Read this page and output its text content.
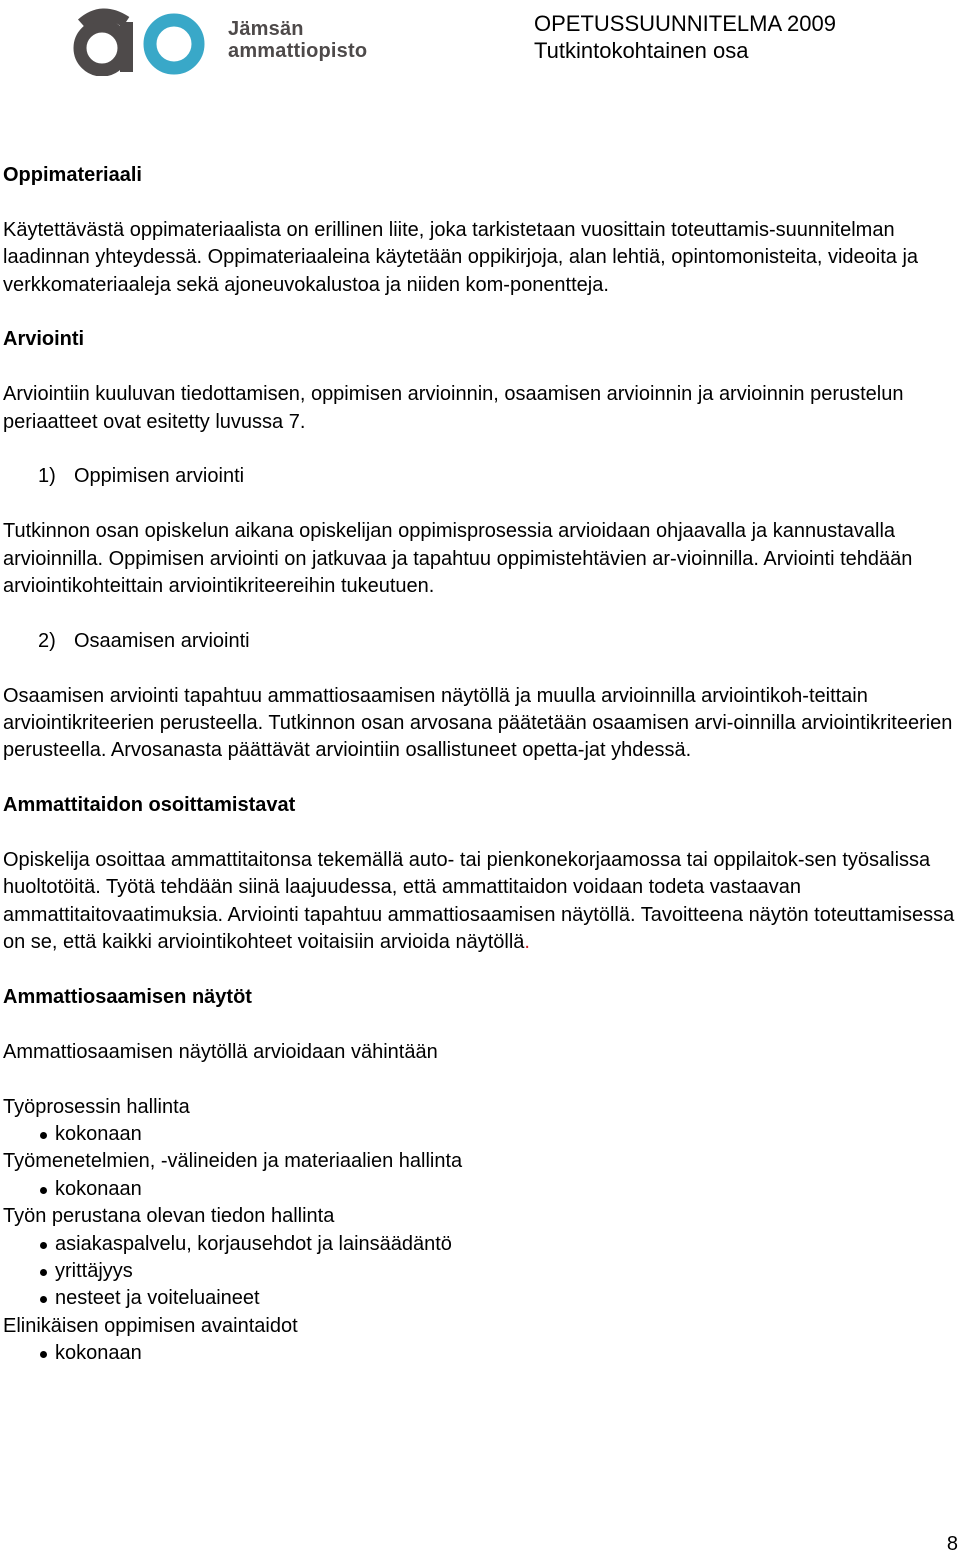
Jämsän
ammattiopisto
OPETUSSUUNNITELMA 2009
Tutkintokohtainen osa
Oppimateriaali

Käytettävästä oppimateriaalista on erillinen liite, joka tarkistetaan vuosittain toteuttamis-suunnitelman laadinnan yhteydessä. Oppimateriaaleina käytetään oppikirjoja, alan lehtiä, opintomonisteita, videoita ja verkkomateriaaleja sekä ajoneuvokalustoa ja niiden kom-ponentteja.

Arviointi

Arviointiin kuuluvan tiedottamisen, oppimisen arvioinnin, osaamisen arvioinnin ja arvioinnin perustelun periaatteet ovat esitetty luvussa 7.

1) Oppimisen arviointi

Tutkinnon osan opiskelun aikana opiskelijan oppimisprosessia arvioidaan ohjaavalla ja kannustavalla arvioinnilla. Oppimisen arviointi on jatkuvaa ja tapahtuu oppimistehtävien ar-vioinnilla. Arviointi tehdään arviointikohteittain arviointikriteereihin tukeutuen.

2) Osaamisen arviointi

Osaamisen arviointi tapahtuu ammattiosaamisen näytöllä ja muulla arvioinnilla arviointikoh-teittain arviointikriteerien perusteella. Tutkinnon osan arvosana päätetään osaamisen arvi-oinnilla arviointikriteerien perusteella. Arvosanasta päättävät arviointiin osallistuneet opetta-jat yhdessä.

Ammattitaidon osoittamistavat

Opiskelija osoittaa ammattitaitonsa tekemällä auto- tai pienkonekorjaamossa tai oppilaitok-sen työsalissa huoltotöitä. Työtä tehdään siinä laajuudessa, että ammattitaidon voidaan todeta vastaavan ammattitaitovaatimuksia. Arviointi tapahtuu ammattiosaamisen näytöllä. Tavoitteena näytön toteuttamisessa on se, että kaikki arviointikohteet voitaisiin arvioida näytöllä.

Ammattiosaamisen näytöt

Ammattiosaamisen näytöllä arvioidaan vähintään

Työprosessin hallinta

kokonaan

Työmenetelmien, -välineiden ja materiaalien hallinta

kokonaan

Työn perustana olevan tiedon hallinta

asiakaspalvelu, korjausehdot ja lainsäädäntö
yrittäjyys
nesteet ja voiteluaineet

Elinikäisen oppimisen avaintaidot

kokonaan
8
